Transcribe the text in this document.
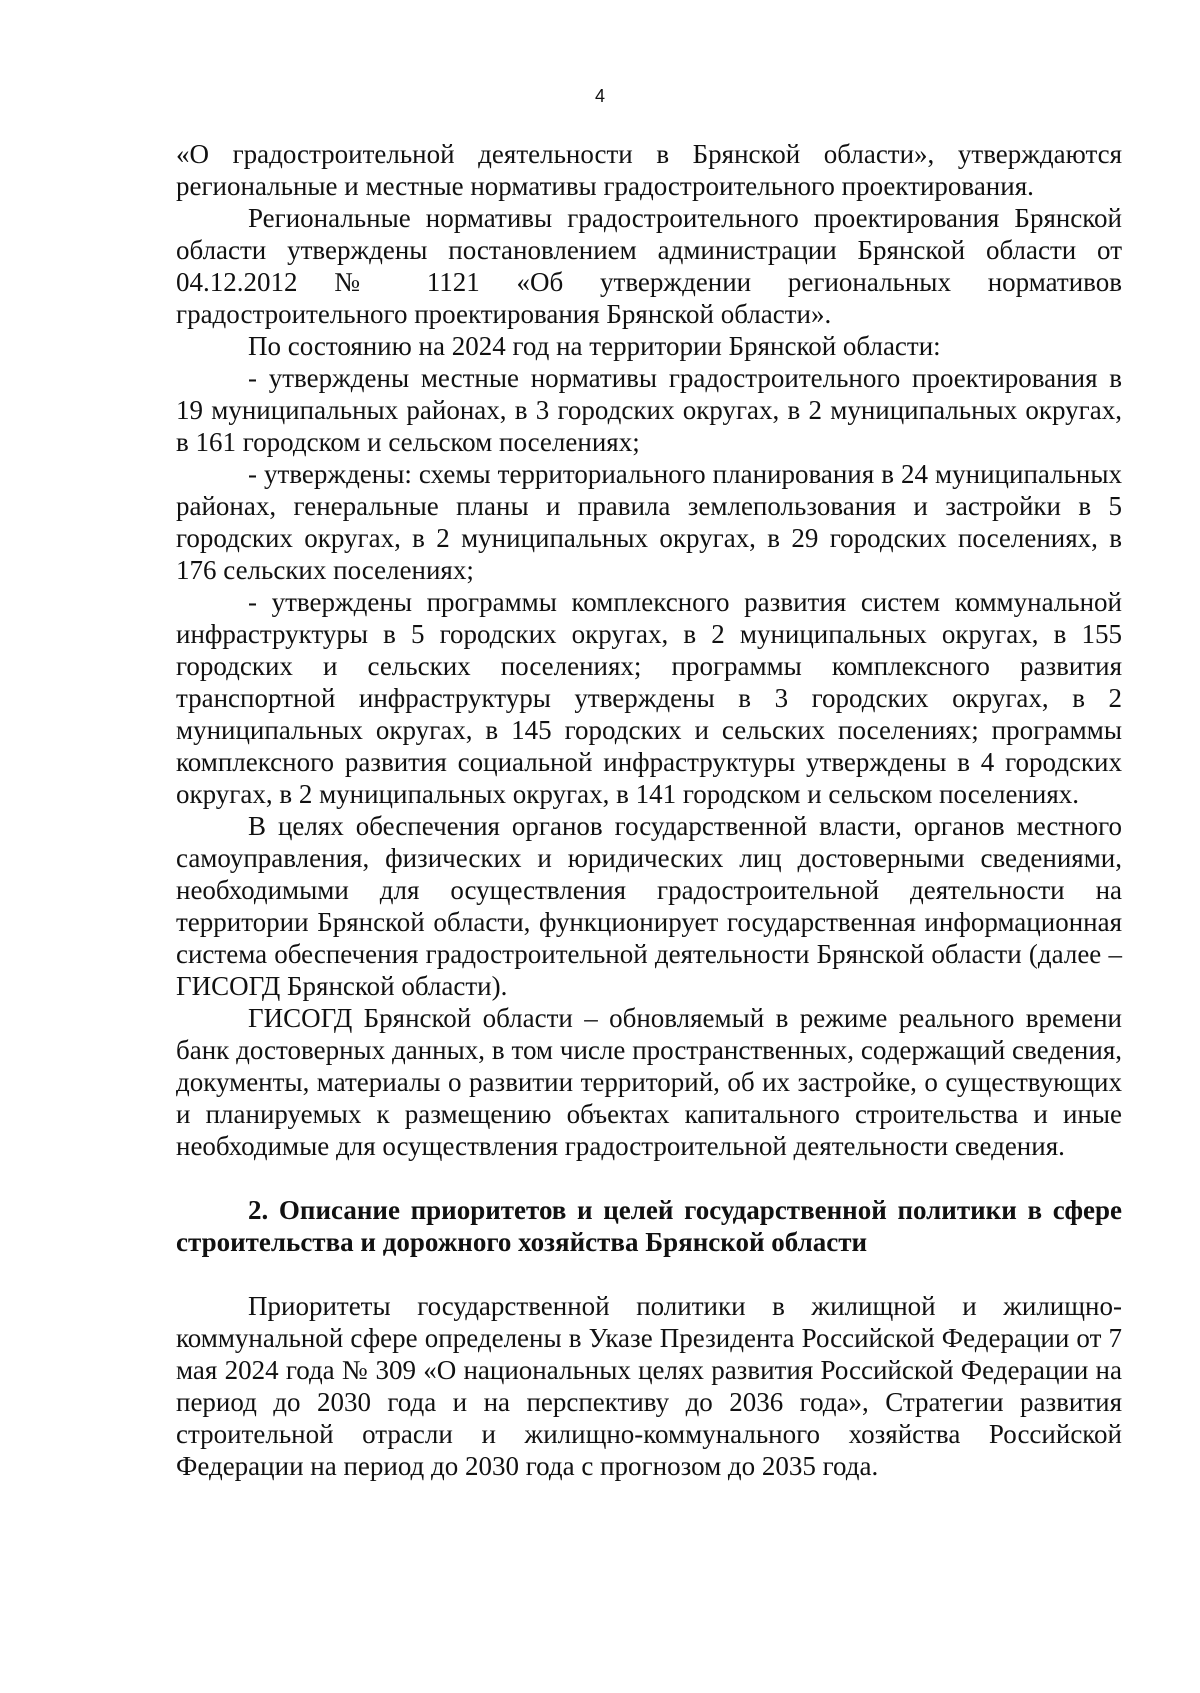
4

«О градостроительной деятельности в Брянской области», утверждаются региональные и местные нормативы градостроительного проектирования.

Региональные нормативы градостроительного проектирования Брянской области утверждены постановлением администрации Брянской области от 04.12.2012 № 1121 «Об утверждении региональных нормативов градостроительного проектирования Брянской области».

По состоянию на 2024 год на территории Брянской области:

- утверждены местные нормативы градостроительного проектирования в 19 муниципальных районах, в 3 городских округах, в 2 муниципальных округах, в 161 городском и сельском поселениях;

- утверждены: схемы территориального планирования в 24 муниципальных районах, генеральные планы и правила землепользования и застройки в 5 городских округах, в 2 муниципальных округах, в 29 городских поселениях, в 176 сельских поселениях;

- утверждены программы комплексного развития систем коммунальной инфраструктуры в 5 городских округах, в 2 муниципальных округах, в 155 городских и сельских поселениях; программы комплексного развития транспортной инфраструктуры утверждены в 3 городских округах, в 2 муниципальных округах, в 145 городских и сельских поселениях; программы комплексного развития социальной инфраструктуры утверждены в 4 городских округах, в 2 муниципальных округах, в 141 городском и сельском поселениях.

В целях обеспечения органов государственной власти, органов местного самоуправления, физических и юридических лиц достоверными сведениями, необходимыми для осуществления градостроительной деятельности на территории Брянской области, функционирует государственная информационная система обеспечения градостроительной деятельности Брянской области (далее – ГИСОГД Брянской области).

ГИСОГД Брянской области – обновляемый в режиме реального времени банк достоверных данных, в том числе пространственных, содержащий сведения, документы, материалы о развитии территорий, об их застройке, о существующих и планируемых к размещению объектах капитального строительства и иные необходимые для осуществления градостроительной деятельности сведения.

2. Описание приоритетов и целей государственной политики в сфере строительства и дорожного хозяйства Брянской области

Приоритеты государственной политики в жилищной и жилищно-коммунальной сфере определены в Указе Президента Российской Федерации от 7 мая 2024 года № 309 «О национальных целях развития Российской Федерации на период до 2030 года и на перспективу до 2036 года», Стратегии развития строительной отрасли и жилищно-коммунального хозяйства Российской Федерации на период до 2030 года с прогнозом до 2035 года.
